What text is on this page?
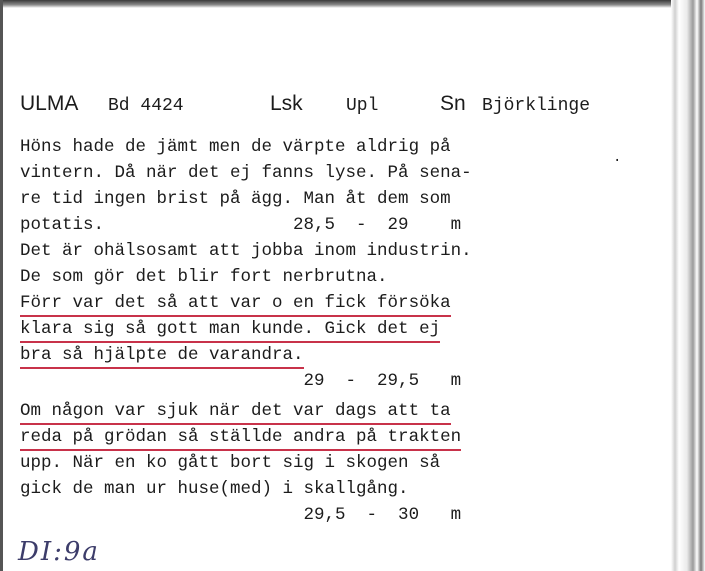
ULMA Bd 4424	Lsk Upl	Sn Björklinge
.
Höns hade de jämt men de värpte aldrig på
vintern. Då när det ej fanns lyse. På sena-
re tid ingen brist på ägg. Man åt dem som
potatis.                  28,5  -  29    m
Det är ohälsosamt att jobba inom industrin.
De som gör det blir fort nerbrutna.
Förr var det så att var o en fick försöka
klara sig så gott man kunde. Gick det ej
bra så hjälpte de varandra.
29  -  29,5   m
Om någon var sjuk när det var dags att ta
reda på grödan så ställde andra på trakten
upp. När en ko gått bort sig i skogen så
gick de man ur huse(med) i skallgång.
29,5  -  30   m
DI:9a
